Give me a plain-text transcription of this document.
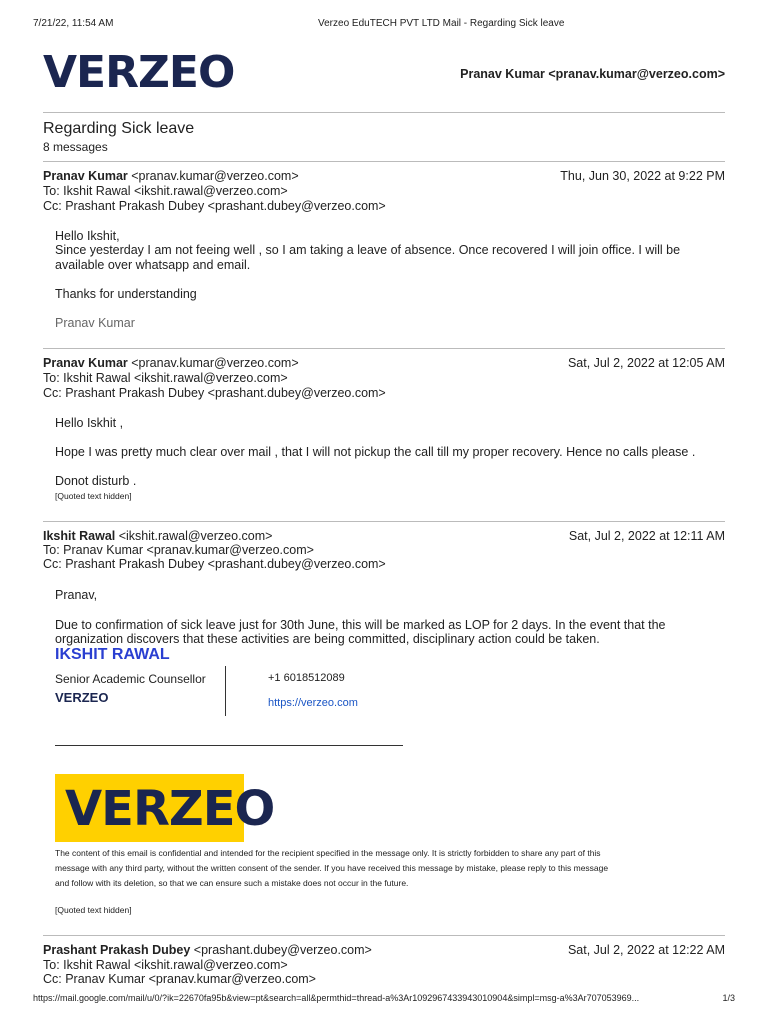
7/21/22, 11:54 AM	Verzeo EduTECH PVT LTD Mail - Regarding Sick leave
VERZEO	Pranav Kumar <pranav.kumar@verzeo.com>
Regarding Sick leave
8 messages
Pranav Kumar <pranav.kumar@verzeo.com>	Thu, Jun 30, 2022 at 9:22 PM
To: Ikshit Rawal <ikshit.rawal@verzeo.com>
Cc: Prashant Prakash Dubey <prashant.dubey@verzeo.com>
Hello Ikshit,
Since yesterday I am not feeing well , so I am taking a leave of absence. Once recovered I will join office. I will be
available over whatsapp and email.
Thanks for understanding
Pranav Kumar
Pranav Kumar <pranav.kumar@verzeo.com>	Sat, Jul 2, 2022 at 12:05 AM
To: Ikshit Rawal <ikshit.rawal@verzeo.com>
Cc: Prashant Prakash Dubey <prashant.dubey@verzeo.com>
Hello Iskhit ,
Hope I was pretty much clear over mail , that I will not pickup the call till my proper recovery. Hence no calls please .
Donot disturb .
[Quoted text hidden]
Ikshit Rawal <ikshit.rawal@verzeo.com>	Sat, Jul 2, 2022 at 12:11 AM
To: Pranav Kumar <pranav.kumar@verzeo.com>
Cc: Prashant Prakash Dubey <prashant.dubey@verzeo.com>
Pranav,
Due to confirmation of sick leave just for 30th June, this will be marked as LOP for 2 days. In the event that the
organization discovers that these activities are being committed, disciplinary action could be taken.
IKSHIT RAWAL
Senior Academic Counsellor
VERZEO
+1 6018512089
https://verzeo.com
VERZEO
The content of this email is confidential and intended for the recipient specified in the message only. It is strictly forbidden to share any part of this
message with any third party, without the written consent of the sender. If you have received this message by mistake, please reply to this message
and follow with its deletion, so that we can ensure such a mistake does not occur in the future.
[Quoted text hidden]
Prashant Prakash Dubey <prashant.dubey@verzeo.com>	Sat, Jul 2, 2022 at 12:22 AM
To: Ikshit Rawal <ikshit.rawal@verzeo.com>
Cc: Pranav Kumar <pranav.kumar@verzeo.com>
https://mail.google.com/mail/u/0/?ik=22670fa95b&view=pt&search=all&permthid=thread-a%3Ar1092967433943010904&simpl=msg-a%3Ar707053969...	1/3
